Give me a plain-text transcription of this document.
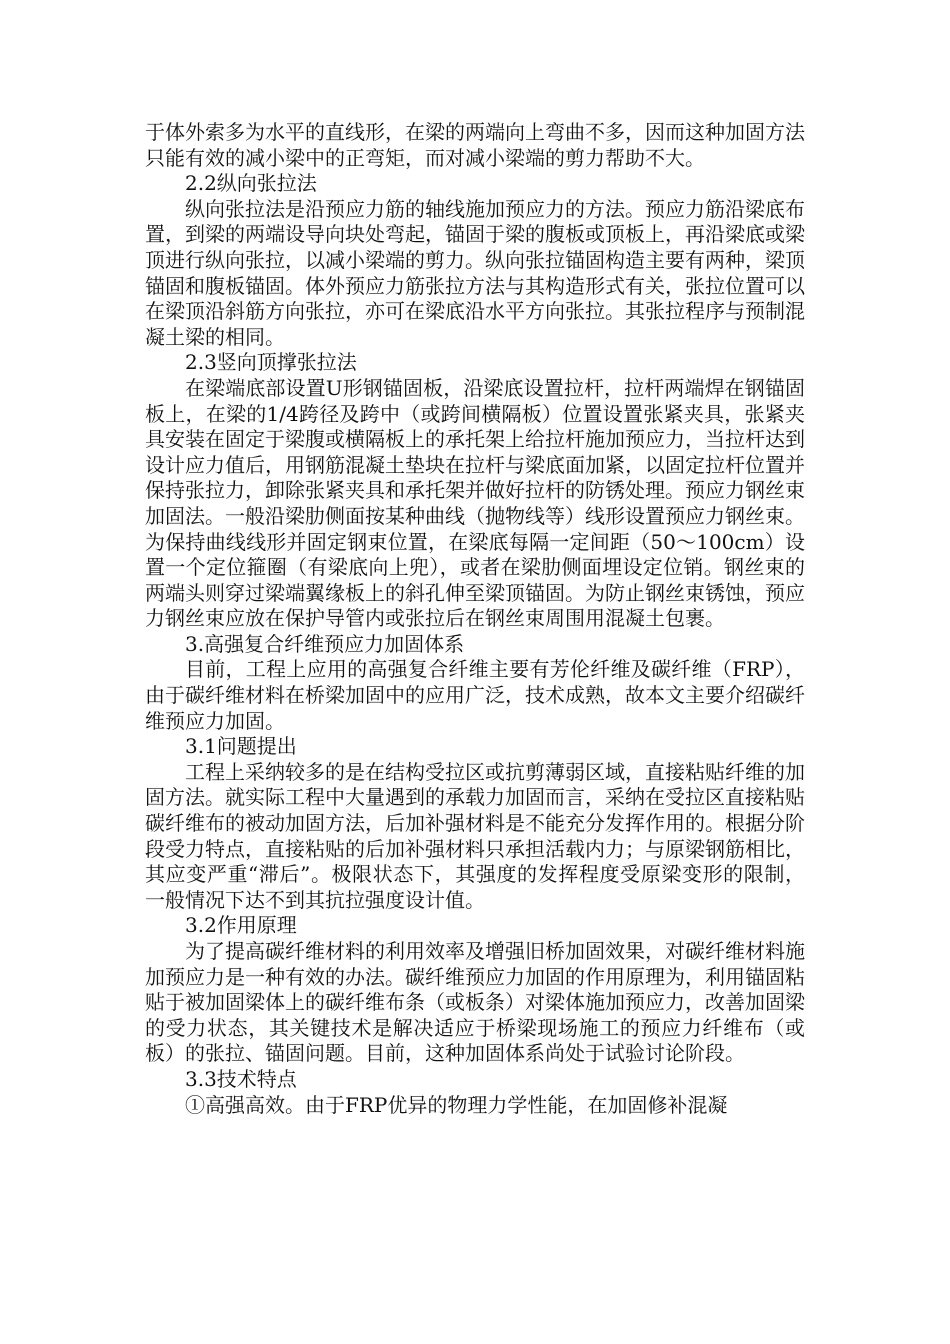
于体外索多为水平的直线形，在梁的两端向上弯曲不多，因而这种加固方法只能有效的减小梁中的正弯矩，而对减小梁端的剪力帮助不大。

2.2纵向张拉法

纵向张拉法是沿预应力筋的轴线施加预应力的方法。预应力筋沿梁底布置，到梁的两端设导向块处弯起，锚固于梁的腹板或顶板上，再沿梁底或梁顶进行纵向张拉，以减小梁端的剪力。纵向张拉锚固构造主要有两种，梁顶锚固和腹板锚固。体外预应力筋张拉方法与其构造形式有关，张拉位置可以在梁顶沿斜筋方向张拉，亦可在梁底沿水平方向张拉。其张拉程序与预制混凝土梁的相同。

2.3竖向顶撑张拉法

在梁端底部设置U形钢锚固板，沿梁底设置拉杆，拉杆两端焊在钢锚固板上，在梁的1/4跨径及跨中（或跨间横隔板）位置设置张紧夹具，张紧夹具安装在固定于梁腹或横隔板上的承托架上给拉杆施加预应力，当拉杆达到设计应力值后，用钢筋混凝土垫块在拉杆与梁底面加紧，以固定拉杆位置并保持张拉力，卸除张紧夹具和承托架并做好拉杆的防锈处理。预应力钢丝束加固法。一般沿梁肋侧面按某种曲线（抛物线等）线形设置预应力钢丝束。为保持曲线线形并固定钢束位置，在梁底每隔一定间距（50～100cm）设置一个定位箍圈（有梁底向上兜），或者在梁肋侧面埋设定位销。钢丝束的两端头则穿过梁端翼缘板上的斜孔伸至梁顶锚固。为防止钢丝束锈蚀，预应力钢丝束应放在保护导管内或张拉后在钢丝束周围用混凝土包裹。

3.高强复合纤维预应力加固体系

目前，工程上应用的高强复合纤维主要有芳伦纤维及碳纤维（FRP），由于碳纤维材料在桥梁加固中的应用广泛，技术成熟，故本文主要介绍碳纤维预应力加固。

3.1问题提出

工程上采纳较多的是在结构受拉区或抗剪薄弱区域，直接粘贴纤维的加固方法。就实际工程中大量遇到的承载力加固而言，采纳在受拉区直接粘贴碳纤维布的被动加固方法，后加补强材料是不能充分发挥作用的。根据分阶段受力特点，直接粘贴的后加补强材料只承担活载内力；与原梁钢筋相比，其应变严重“滞后”。极限状态下，其强度的发挥程度受原梁变形的限制，一般情况下达不到其抗拉强度设计值。

3.2作用原理

为了提高碳纤维材料的利用效率及增强旧桥加固效果，对碳纤维材料施加预应力是一种有效的办法。碳纤维预应力加固的作用原理为，利用锚固粘贴于被加固梁体上的碳纤维布条（或板条）对梁体施加预应力，改善加固梁的受力状态，其关键技术是解决适应于桥梁现场施工的预应力纤维布（或板）的张拉、锚固问题。目前，这种加固体系尚处于试验讨论阶段。

3.3技术特点

①高强高效。由于FRP优异的物理力学性能，在加固修补混凝
